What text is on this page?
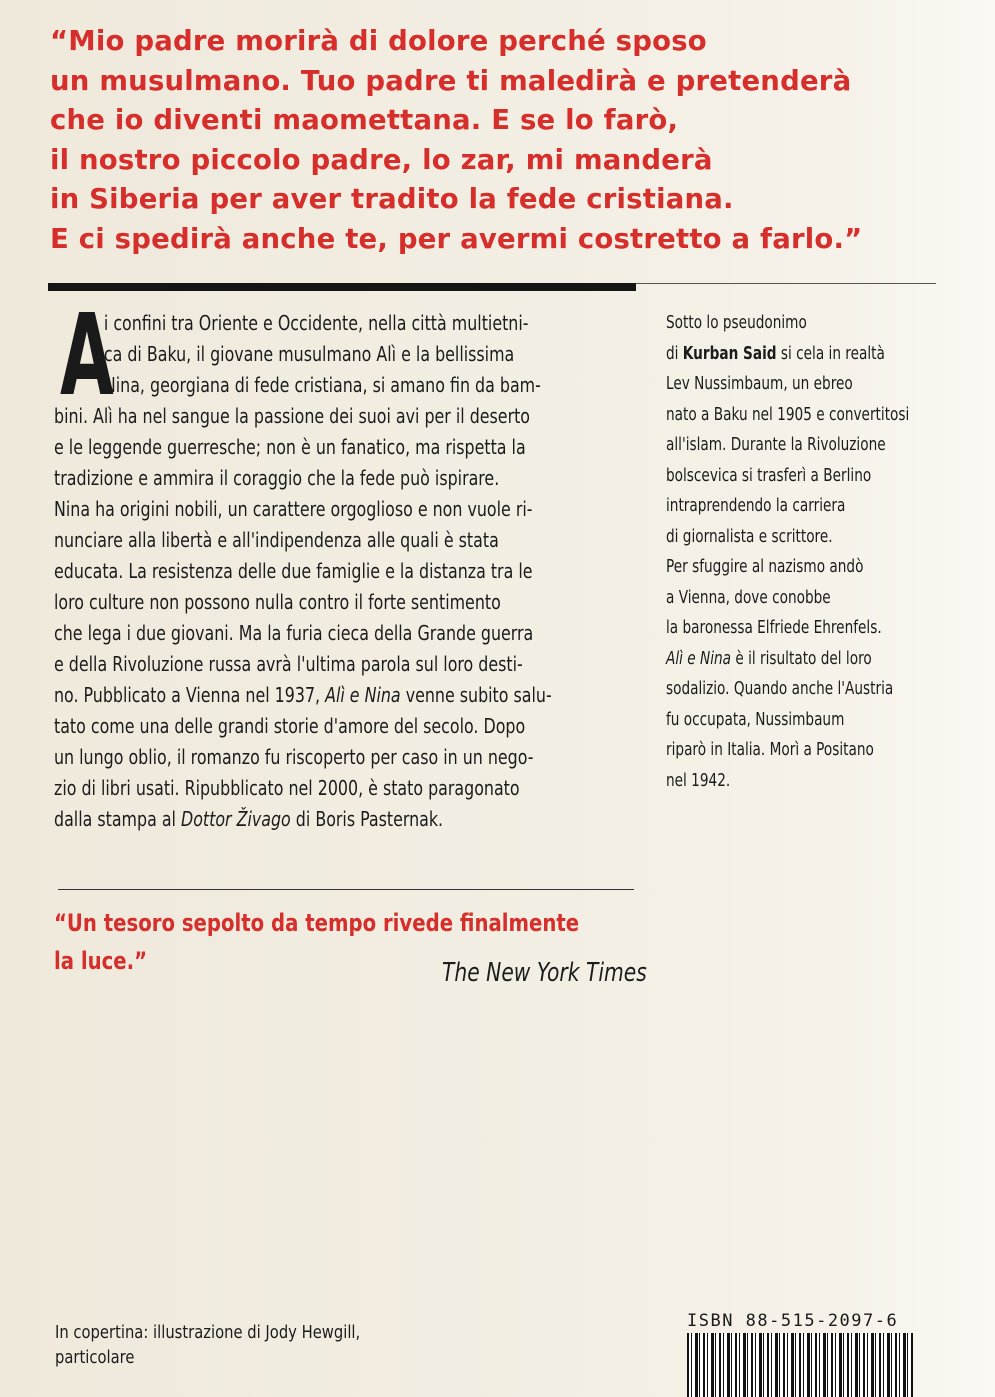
“Mio padre morirà di dolore perché sposo
un musulmano. Tuo padre ti maledirà e pretenderà
che io diventi maomettana. E se lo farò,
il nostro piccolo padre, lo zar, mi manderà
in Siberia per aver tradito la fede cristiana.
E ci spedirà anche te, per avermi costretto a farlo.”
A
i confini tra Oriente e Occidente, nella città multietni-
ca di Baku, il giovane musulmano Alì e la bellissima
Nina, georgiana di fede cristiana, si amano fin da bam-
bini. Alì ha nel sangue la passione dei suoi avi per il deserto
e le leggende guerresche; non è un fanatico, ma rispetta la
tradizione e ammira il coraggio che la fede può ispirare.
Nina ha origini nobili, un carattere orgoglioso e non vuole ri-
nunciare alla libertà e all'indipendenza alle quali è stata
educata. La resistenza delle due famiglie e la distanza tra le
loro culture non possono nulla contro il forte sentimento
che lega i due giovani. Ma la furia cieca della Grande guerra
e della Rivoluzione russa avrà l'ultima parola sul loro desti-
no. Pubblicato a Vienna nel 1937, Alì e Nina venne subito salu-
tato come una delle grandi storie d'amore del secolo. Dopo
un lungo oblio, il romanzo fu riscoperto per caso in un nego-
zio di libri usati. Ripubblicato nel 2000, è stato paragonato
dalla stampa al Dottor Živago di Boris Pasternak.
“Un tesoro sepolto da tempo rivede finalmente
la luce.”	The New York Times
Sotto lo pseudonimo
di Kurban Said si cela in realtà
Lev Nussimbaum, un ebreo
nato a Baku nel 1905 e convertitosi
all'islam. Durante la Rivoluzione
bolscevica si trasferì a Berlino
intraprendendo la carriera
di giornalista e scrittore.
Per sfuggire al nazismo andò
a Vienna, dove conobbe
la baronessa Elfriede Ehrenfels.
Alì e Nina è il risultato del loro
sodalizio. Quando anche l'Austria
fu occupata, Nussimbaum
riparò in Italia. Morì a Positano
nel 1942.
In copertina: illustrazione di Jody Hewgill,
particolare
ISBN 88-515-2097-6
